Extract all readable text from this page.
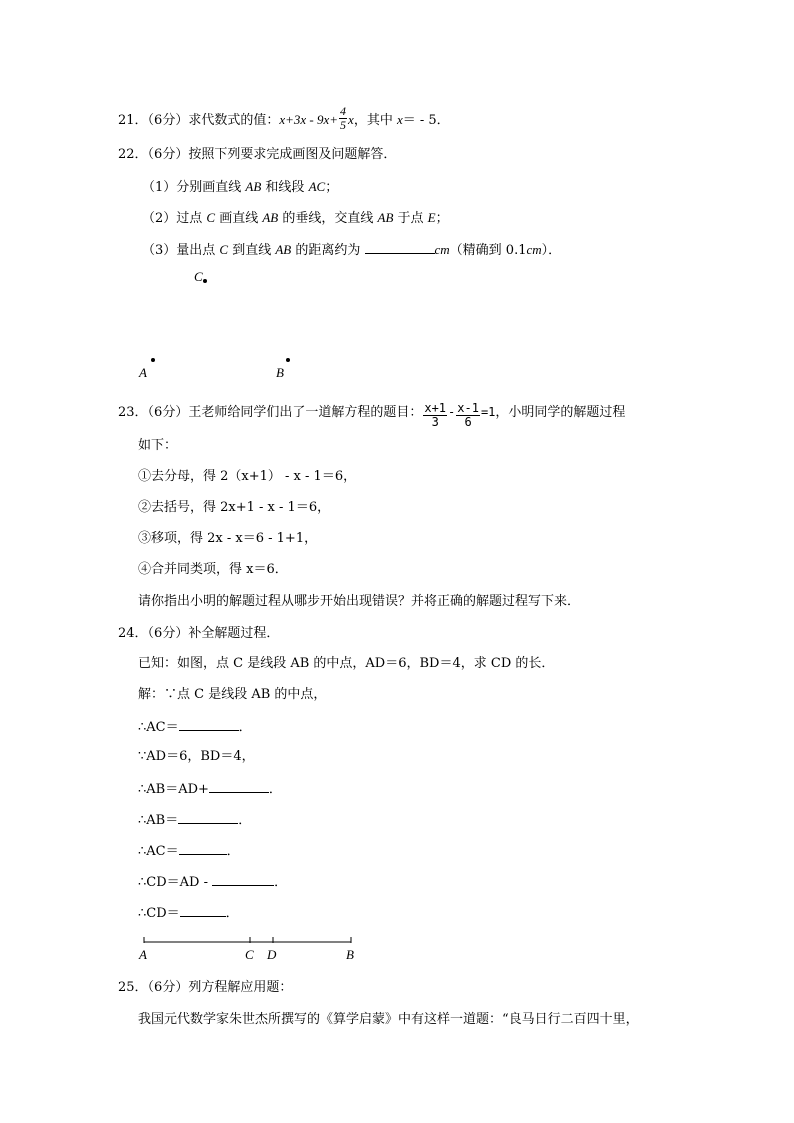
21．（6分）求代数式的值：$x+3x - 9x+ \frac{4}{5}$ x，其中 x＝ - 5．
22．（6分）按照下列要求完成画图及问题解答．
（1）分别画直线 AB 和线段 AC；
（2）过点 C 画直线 AB 的垂线，交直线 AB 于点 E；
（3）量出点 C 到直线 AB 的距离约为	cm（精确到 0.1cm）．
C
A	B
23．（6分）王老师给同学们出了一道解方程的题目： $\frac{x+1}{3} - \frac{x-1}{6} =1$，小明同学的解题过程
如下：
①去分母，得 2（x+1） - x - 1＝6，
②去括号，得 2x+1 - x - 1＝6，
③移项，得 2x - x＝6 - 1+1，
④合并同类项，得 x＝6．
请你指出小明的解题过程从哪步开始出现错误？并将正确的解题过程写下来．
24．（6分）补全解题过程．
已知：如图，点 C 是线段 AB 的中点，AD＝6，BD＝4，求 CD 的长．
解：∵点 C 是线段 AB 的中点，
∴AC＝	．
∵AD＝6，BD＝4，
∴AB＝AD+	．
∴AB＝	．
∴AC＝	．
∴CD＝AD -	．
∴CD＝	．
A	C D	B
25．（6分）列方程解应用题：
我国元代数学家朱世杰所撰写的《算学启蒙》中有这样一道题：“良马日行二百四十里，
